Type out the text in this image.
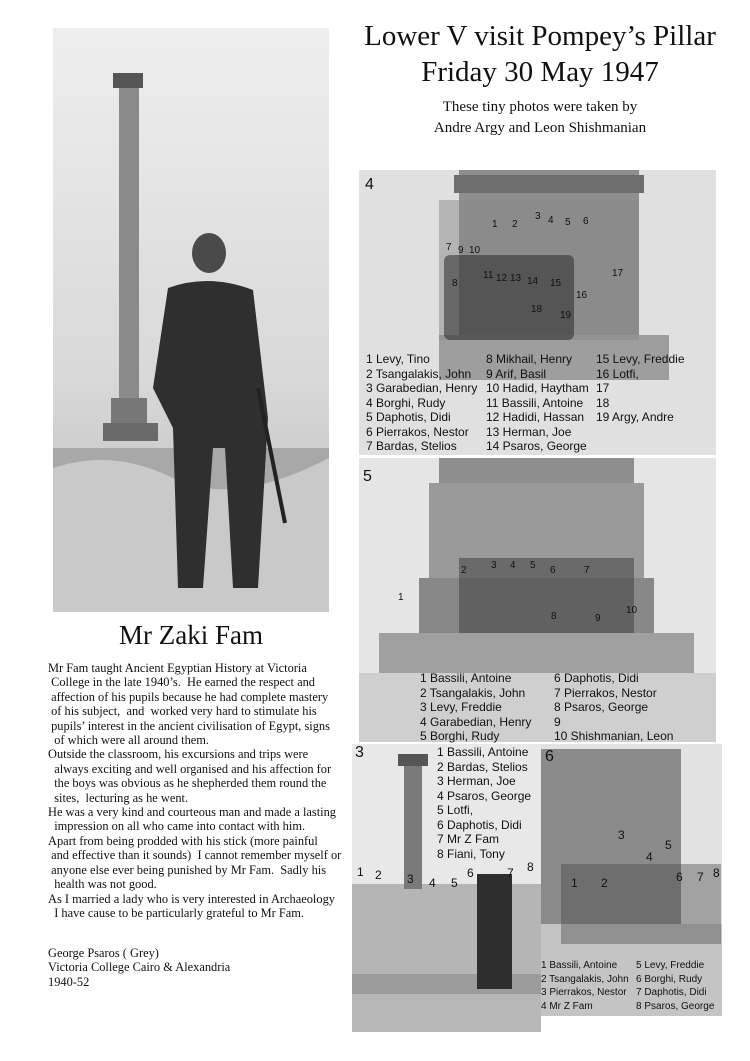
Lower V visit Pompey’s Pillar
Friday 30 May 1947
These tiny photos were taken by
Andre Argy and Leon Shishmanian
Mr Zaki Fam
Mr Fam taught Ancient Egyptian History at Victoria
College in the late 1940’s.  He earned the respect and
affection of his pupils because he had complete mastery
of his subject,  and  worked very hard to stimulate his
pupils’ interest in the ancient civilisation of Egypt, signs
of which were all around them.
Outside the classroom, his excursions and trips were
always exciting and well organised and his affection for
the boys was obvious as he shepherded them round the
sites,  lecturing as he went.
He was a very kind and courteous man and made a lasting
impression on all who came into contact with him.
Apart from being prodded with his stick (more painful
and effective than it sounds)  I cannot remember myself or
anyone else ever being punished by Mr Fam.  Sadly his
health was not good.
As I married a lady who is very interested in Archaeology
I have cause to be particularly grateful to Mr Fam.
George Psaros ( Grey)
Victoria College Cairo & Alexandria
1940-52
4
1 2
3 4 5 6
7 9 10
11 12 13
8	14 15
16
17
18
19
1 Levy, Tino
2 Tsangalakis, John
3 Garabedian, Henry
4 Borghi, Rudy
5 Daphotis, Didi
6 Pierrakos, Nestor
7 Bardas, Stelios
8 Mikhail, Henry
9 Arif, Basil
10 Hadid, Haytham
11 Bassili, Antoine
12 Hadidi, Hassan
13 Herman, Joe
14 Psaros, George
15 Levy, Freddie
16 Lotfi,
17
18
19 Argy, Andre
5
1
2 3 4 5 6	7
8	9
10
1 Bassili, Antoine
2 Tsangalakis, John
3 Levy, Freddie
4 Garabedian, Henry
5 Borghi, Rudy
6 Daphotis, Didi
7 Pierrakos, Nestor
8 Psaros, George
9
10 Shishmanian, Leon
3	1 Bassili, Antoine
2 Bardas, Stelios
3 Herman, Joe
4 Psaros, George
5 Lotfi,
6 Daphotis, Didi
7 Mr Z Fam
8 Fiani, Tony
1 2 3 4 5
6	7 8
6
1 2
3
4
5
6 7 8
1 Bassili, Antoine
2 Tsangalakis, John
3 Pierrakos, Nestor
4 Mr Z Fam
5 Levy, Freddie
6 Borghi, Rudy
7 Daphotis, Didi
8 Psaros, George
